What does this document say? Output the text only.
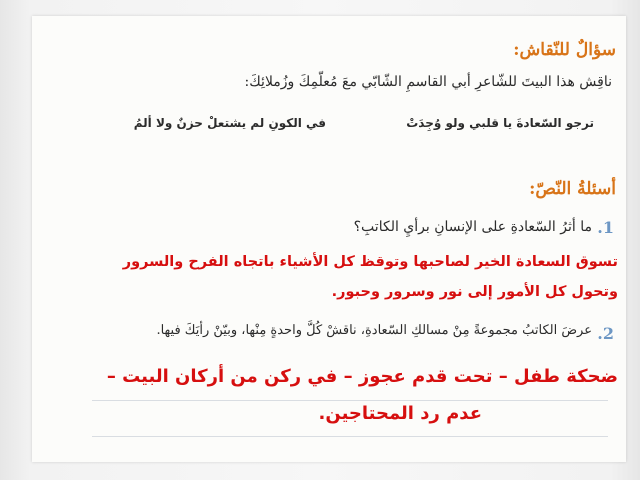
سؤالٌ للنّقاش:
ناقِش هذا البيتَ للشّاعرِ أبي القاسمِ الشّابّي معَ مُعلّمِكَ وزُملائِكَ:
ترجو السّعادةَ يا قلبي ولو وُجِدَتْ
في الكونِ لم يشتعلْ حزنٌ ولا ألمُ
أسئلةُ النّصّ:
1.
ما أثرُ السّعادةِ على الإنسانِ برأيِ الكاتبِ؟
تسوق السعادة الخير لصاحبها وتوقظ كل الأشياء باتجاه الفرح والسرور
وتحول كل الأمور إلى نور وسرور وحبور.
2.
عرضَ الكاتبُ مجموعةً مِنْ مسالكِ السّعادةِ، ناقشْ كُلَّ واحدةٍ مِنْها، وبيّنْ رأيَكَ فيها.
ضحكة طفل – تحت قدم عجوز – في ركن من أركان البيت –
عدم رد المحتاجين.
